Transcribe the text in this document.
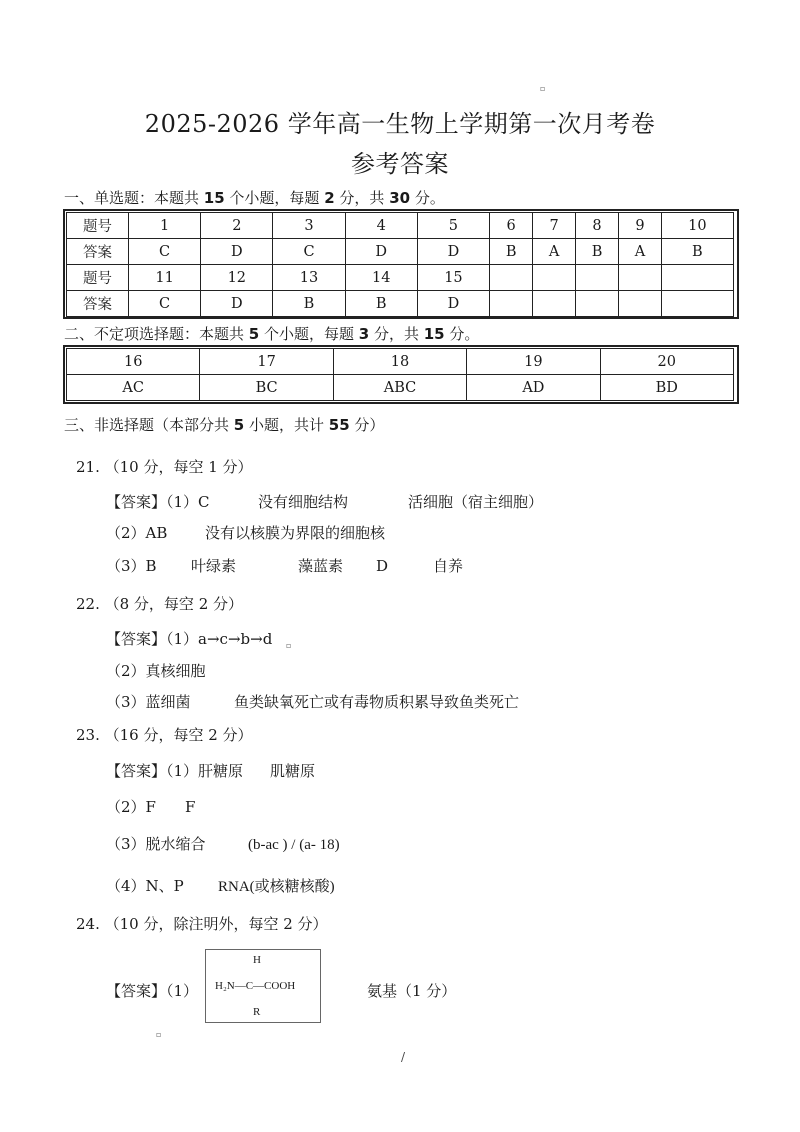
▫
2025-2026 学年高一生物上学期第一次月考卷
参考答案
一、单选题：本题共 15 个小题，每题 2 分，共 30 分。
题号	1	2	3	4	5	6	7	8	9	10
答案	C	D	C	D	D	B	A	B	A	B
题号	11	12	13	14	15					
答案	C	D	B	B	D					
二、不定项选择题：本题共 5 个小题，每题 3 分，共 15 分。
16	17	18	19	20
AC	BC	ABC	AD	BD
三、非选择题（本部分共 5 小题，共计 55 分）
21. （10 分，每空 1 分）
【答案】（1）C	没有细胞结构	活细胞（宿主细胞）
（2）AB	没有以核膜为界限的细胞核
（3）B 叶绿素	藻蓝素 D	自养
22. （8 分，每空 2 分）
【答案】（1）a→c→b→d ▫
（2）真核细胞
（3）蓝细菌	鱼类缺氧死亡或有毒物质积累导致鱼类死亡
23. （16 分，每空 2 分）
【答案】（1）肝糖原 肌糖原
（2）F F
（3）脱水缩合	(b-ac ) / (a- 18)
（4）N、P RNA(或核糖核酸)
24. （10 分，除注明外，每空 2 分）
【答案】（1）
H
H₂N—C—COOH
R
氨基（1 分）
▫
/
